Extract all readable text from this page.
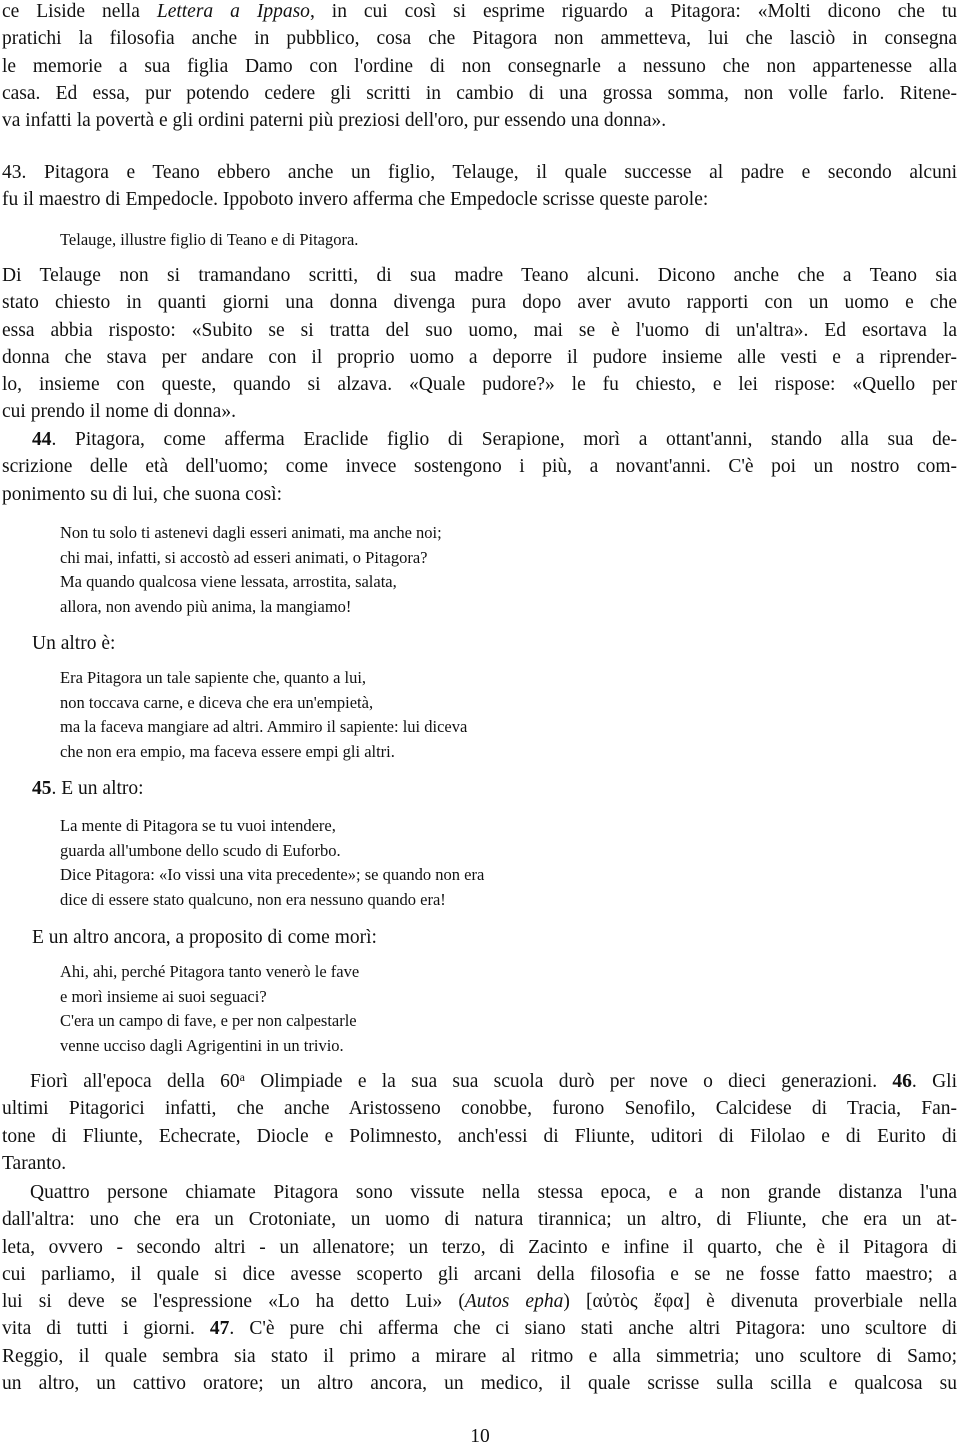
ce Liside nella Lettera a Ippaso, in cui così si esprime riguardo a Pitagora: «Molti dicono che tu
pratichi la filosofia anche in pubblico, cosa che Pitagora non ammetteva, lui che lasciò in consegna
le memorie a sua figlia Damo con l'ordine di non consegnarle a nessuno che non appartenesse alla
casa. Ed essa, pur potendo cedere gli scritti in cambio di una grossa somma, non volle farlo. Ritene-
va infatti la povertà e gli ordini paterni più preziosi dell'oro, pur essendo una donna».
43. Pitagora e Teano ebbero anche un figlio, Telauge, il quale successe al padre e secondo alcuni
fu il maestro di Empedocle. Ippoboto invero afferma che Empedocle scrisse queste parole:
Telauge, illustre figlio di Teano e di Pitagora.
Di Telauge non si tramandano scritti, di sua madre Teano alcuni. Dicono anche che a Teano sia
stato chiesto in quanti giorni una donna divenga pura dopo aver avuto rapporti con un uomo e che
essa abbia risposto: «Subito se si tratta del suo uomo, mai se è l'uomo di un'altra». Ed esortava la
donna che stava per andare con il proprio uomo a deporre il pudore insieme alle vesti e a riprender-
lo, insieme con queste, quando si alzava. «Quale pudore?» le fu chiesto, e lei rispose: «Quello per
cui prendo il nome di donna».
44. Pitagora, come afferma Eraclide figlio di Serapione, morì a ottant'anni, stando alla sua de-
scrizione delle età dell'uomo; come invece sostengono i più, a novant'anni. C'è poi un nostro com-
ponimento su di lui, che suona così:
Non tu solo ti astenevi dagli esseri animati, ma anche noi;
chi mai, infatti, si accostò ad esseri animati, o Pitagora?
Ma quando qualcosa viene lessata, arrostita, salata,
allora, non avendo più anima, la mangiamo!
Un altro è:
Era Pitagora un tale sapiente che, quanto a lui,
non toccava carne, e diceva che era un'empietà,
ma la faceva mangiare ad altri. Ammiro il sapiente: lui diceva
che non era empio, ma faceva essere empi gli altri.
45. E un altro:
La mente di Pitagora se tu vuoi intendere,
guarda all'umbone dello scudo di Euforbo.
Dice Pitagora: «Io vissi una vita precedente»; se quando non era
dice di essere stato qualcuno, non era nessuno quando era!
E un altro ancora, a proposito di come morì:
Ahi, ahi, perché Pitagora tanto venerò le fave
e morì insieme ai suoi seguaci?
C'era un campo di fave, e per non calpestarle
venne ucciso dagli Agrigentini in un trivio.
Fiorì all'epoca della 60$^a$ Olimpiade e la sua sua scuola durò per nove o dieci generazioni. 46. Gli
ultimi Pitagorici infatti, che anche Aristosseno conobbe, furono Senofilo, Calcidese di Tracia, Fan-
tone di Fliunte, Echecrate, Diocle e Polimnesto, anch'essi di Fliunte, uditori di Filolao e di Eurito di
Taranto.
Quattro persone chiamate Pitagora sono vissute nella stessa epoca, e a non grande distanza l'una
dall'altra: uno che era un Crotoniate, un uomo di natura tirannica; un altro, di Fliunte, che era un at-
leta, ovvero - secondo altri - un allenatore; un terzo, di Zacinto e infine il quarto, che è il Pitagora di
cui parliamo, il quale si dice avesse scoperto gli arcani della filosofia e se ne fosse fatto maestro; a
lui si deve se l'espressione «Lo ha detto Lui» (Autos epha) [αὐτὸς ἔφα] è divenuta proverbiale nella
vita di tutti i giorni. 47. C'è pure chi afferma che ci siano stati anche altri Pitagora: uno scultore di
Reggio, il quale sembra sia stato il primo a mirare al ritmo e alla simmetria; uno scultore di Samo;
un altro, un cattivo oratore; un altro ancora, un medico, il quale scrisse sulla scilla e qualcosa su
10
